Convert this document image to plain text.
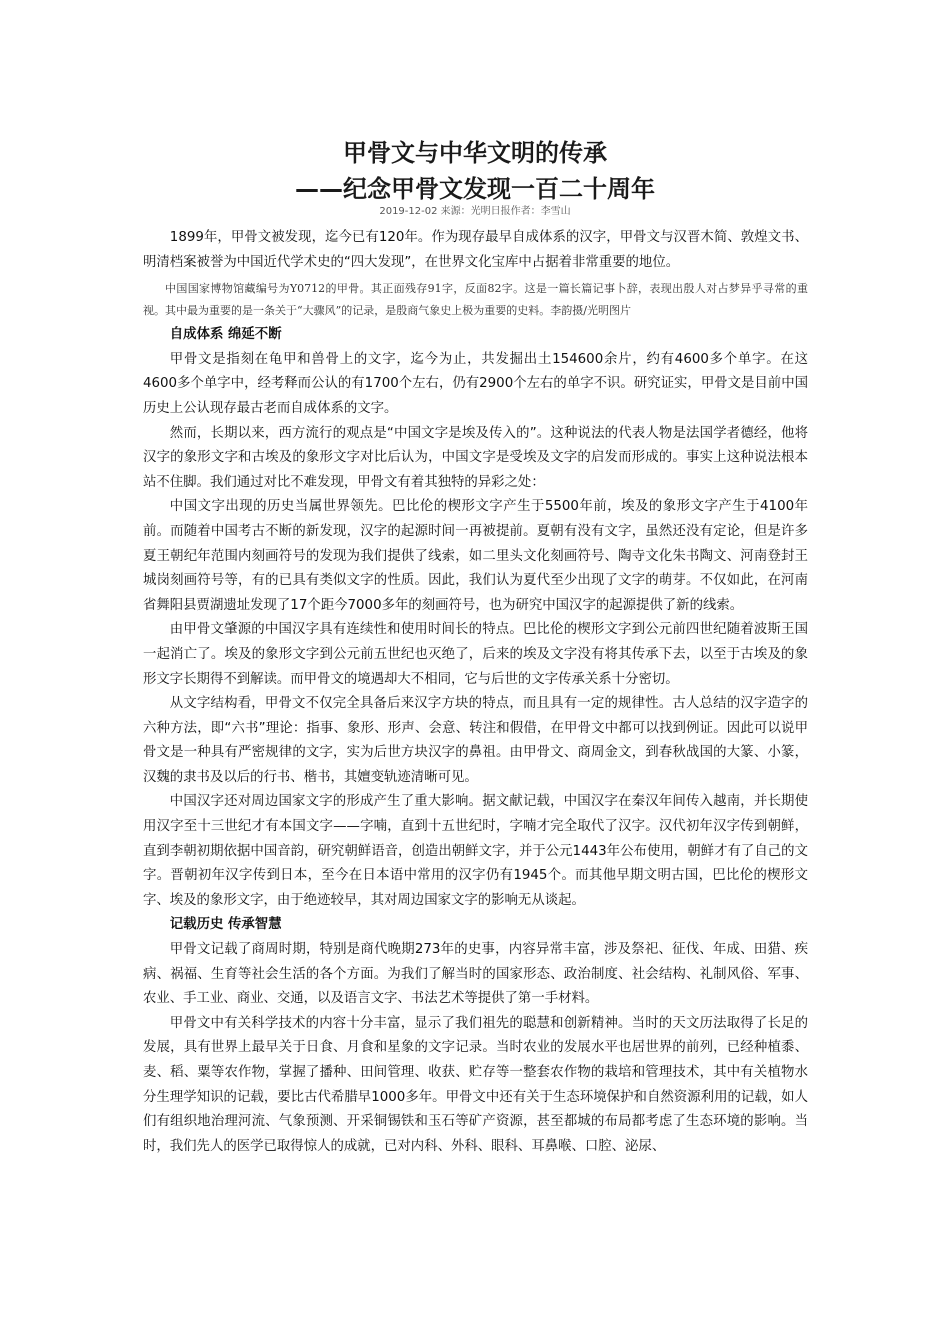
甲骨文与中华文明的传承
——纪念甲骨文发现一百二十周年
2019-12-02 来源：光明日报作者：李雪山

1899年，甲骨文被发现，迄今已有120年。作为现存最早自成体系的汉字，甲骨文与汉晋木简、敦煌文书、明清档案被誉为中国近代学术史的“四大发现”，在世界文化宝库中占据着非常重要的地位。

中国国家博物馆藏编号为Y0712的甲骨。其正面残存91字，反面82字。这是一篇长篇记事卜辞，表现出殷人对占梦异乎寻常的重视。其中最为重要的是一条关于“大骤风”的记录，是殷商气象史上极为重要的史料。李韵摄/光明图片

自成体系 绵延不断

甲骨文是指刻在龟甲和兽骨上的文字，迄今为止，共发掘出土154600余片，约有4600多个单字。在这4600多个单字中，经考释而公认的有1700个左右，仍有2900个左右的单字不识。研究证实，甲骨文是目前中国历史上公认现存最古老而自成体系的文字。

然而，长期以来，西方流行的观点是“中国文字是埃及传入的”。这种说法的代表人物是法国学者德经，他将汉字的象形文字和古埃及的象形文字对比后认为，中国文字是受埃及文字的启发而形成的。事实上这种说法根本站不住脚。我们通过对比不难发现，甲骨文有着其独特的异彩之处：

中国文字出现的历史当属世界领先。巴比伦的楔形文字产生于5500年前，埃及的象形文字产生于4100年前。而随着中国考古不断的新发现，汉字的起源时间一再被提前。夏朝有没有文字，虽然还没有定论，但是许多夏王朝纪年范围内刻画符号的发现为我们提供了线索，如二里头文化刻画符号、陶寺文化朱书陶文、河南登封王城岗刻画符号等，有的已具有类似文字的性质。因此，我们认为夏代至少出现了文字的萌芽。不仅如此，在河南省舞阳县贾湖遗址发现了17个距今7000多年的刻画符号，也为研究中国汉字的起源提供了新的线索。

由甲骨文肇源的中国汉字具有连续性和使用时间长的特点。巴比伦的楔形文字到公元前四世纪随着波斯王国一起消亡了。埃及的象形文字到公元前五世纪也灭绝了，后来的埃及文字没有将其传承下去，以至于古埃及的象形文字长期得不到解读。而甲骨文的境遇却大不相同，它与后世的文字传承关系十分密切。

从文字结构看，甲骨文不仅完全具备后来汉字方块的特点，而且具有一定的规律性。古人总结的汉字造字的六种方法，即“六书”理论：指事、象形、形声、会意、转注和假借，在甲骨文中都可以找到例证。因此可以说甲骨文是一种具有严密规律的文字，实为后世方块汉字的鼻祖。由甲骨文、商周金文，到春秋战国的大篆、小篆，汉魏的隶书及以后的行书、楷书，其嬗变轨迹清晰可见。

中国汉字还对周边国家文字的形成产生了重大影响。据文献记载，中国汉字在秦汉年间传入越南，并长期使用汉字至十三世纪才有本国文字——字喃，直到十五世纪时，字喃才完全取代了汉字。汉代初年汉字传到朝鲜，直到李朝初期依据中国音韵，研究朝鲜语音，创造出朝鲜文字，并于公元1443年公布使用，朝鲜才有了自己的文字。晋朝初年汉字传到日本，至今在日本语中常用的汉字仍有1945个。而其他早期文明古国，巴比伦的楔形文字、埃及的象形文字，由于绝迹较早，其对周边国家文字的影响无从谈起。

记载历史 传承智慧

甲骨文记载了商周时期，特别是商代晚期273年的史事，内容异常丰富，涉及祭祀、征伐、年成、田猎、疾病、祸福、生育等社会生活的各个方面。为我们了解当时的国家形态、政治制度、社会结构、礼制风俗、军事、农业、手工业、商业、交通，以及语言文字、书法艺术等提供了第一手材料。

甲骨文中有关科学技术的内容十分丰富，显示了我们祖先的聪慧和创新精神。当时的天文历法取得了长足的发展，具有世界上最早关于日食、月食和星象的文字记录。当时农业的发展水平也居世界的前列，已经种植黍、麦、稻、粟等农作物，掌握了播种、田间管理、收获、贮存等一整套农作物的栽培和管理技术，其中有关植物水分生理学知识的记载，要比古代希腊早1000多年。甲骨文中还有关于生态环境保护和自然资源利用的记载，如人们有组织地治理河流、气象预测、开采铜锡铁和玉石等矿产资源，甚至都城的布局都考虑了生态环境的影响。当时，我们先人的医学已取得惊人的成就，已对内科、外科、眼科、耳鼻喉、口腔、泌尿、
